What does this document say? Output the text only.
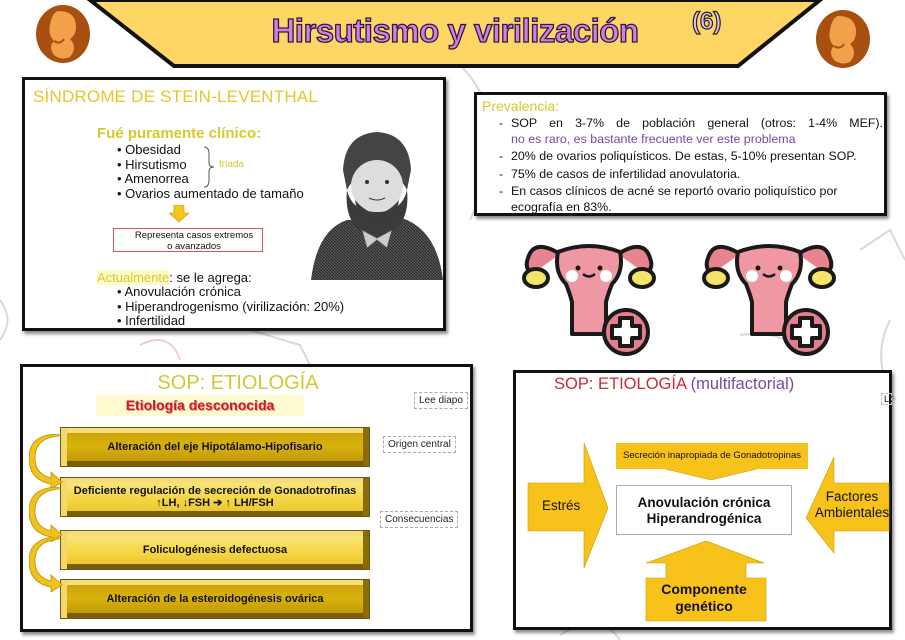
Hirsutismo y virilización	(6)
SÍNDROME DE STEIN-LEVENTHAL
Fué puramente clínico:
• Obesidad
• Hirsutismo
• Amenorrea
• Ovarios aumentado de tamaño
triada
Representa casos extremos
o avanzados
Actualmente: se le agrega:
• Anovulación crónica
• Hiperandrogenismo (virilización: 20%)
• Infertilidad
Prevalencia:
- SOP en 3-7% de población general (otros: 1-4% MEF).
no es raro, es bastante frecuente ver este problema
- 20% de ovarios poliquísticos. De estas, 5-10% presentan SOP.
- 75% de casos de infertilidad anovulatoria.
- En casos clínicos de acné se reportó ovario poliquístico por ecografía en 83%.
SOP: ETIOLOGÍA
Etiología desconocida	Lee diapo
Origen central
Consecuencias
Alteración del eje Hipotálamo-Hipofisario
Deficiente regulación de secreción de Gonadotrofinas
↑LH, ↓FSH ➔ ↑ LH/FSH
Foliculogénesis defectuosa
Alteración de la esteroidogénesis ovárica
SOP: ETIOLOGÍA (multifactorial)
L
Secreción inapropiada de Gonadotropinas
Anovulación crónica
Hiperandrogénica
Estrés
Factores
Ambientales
Componente
genético
